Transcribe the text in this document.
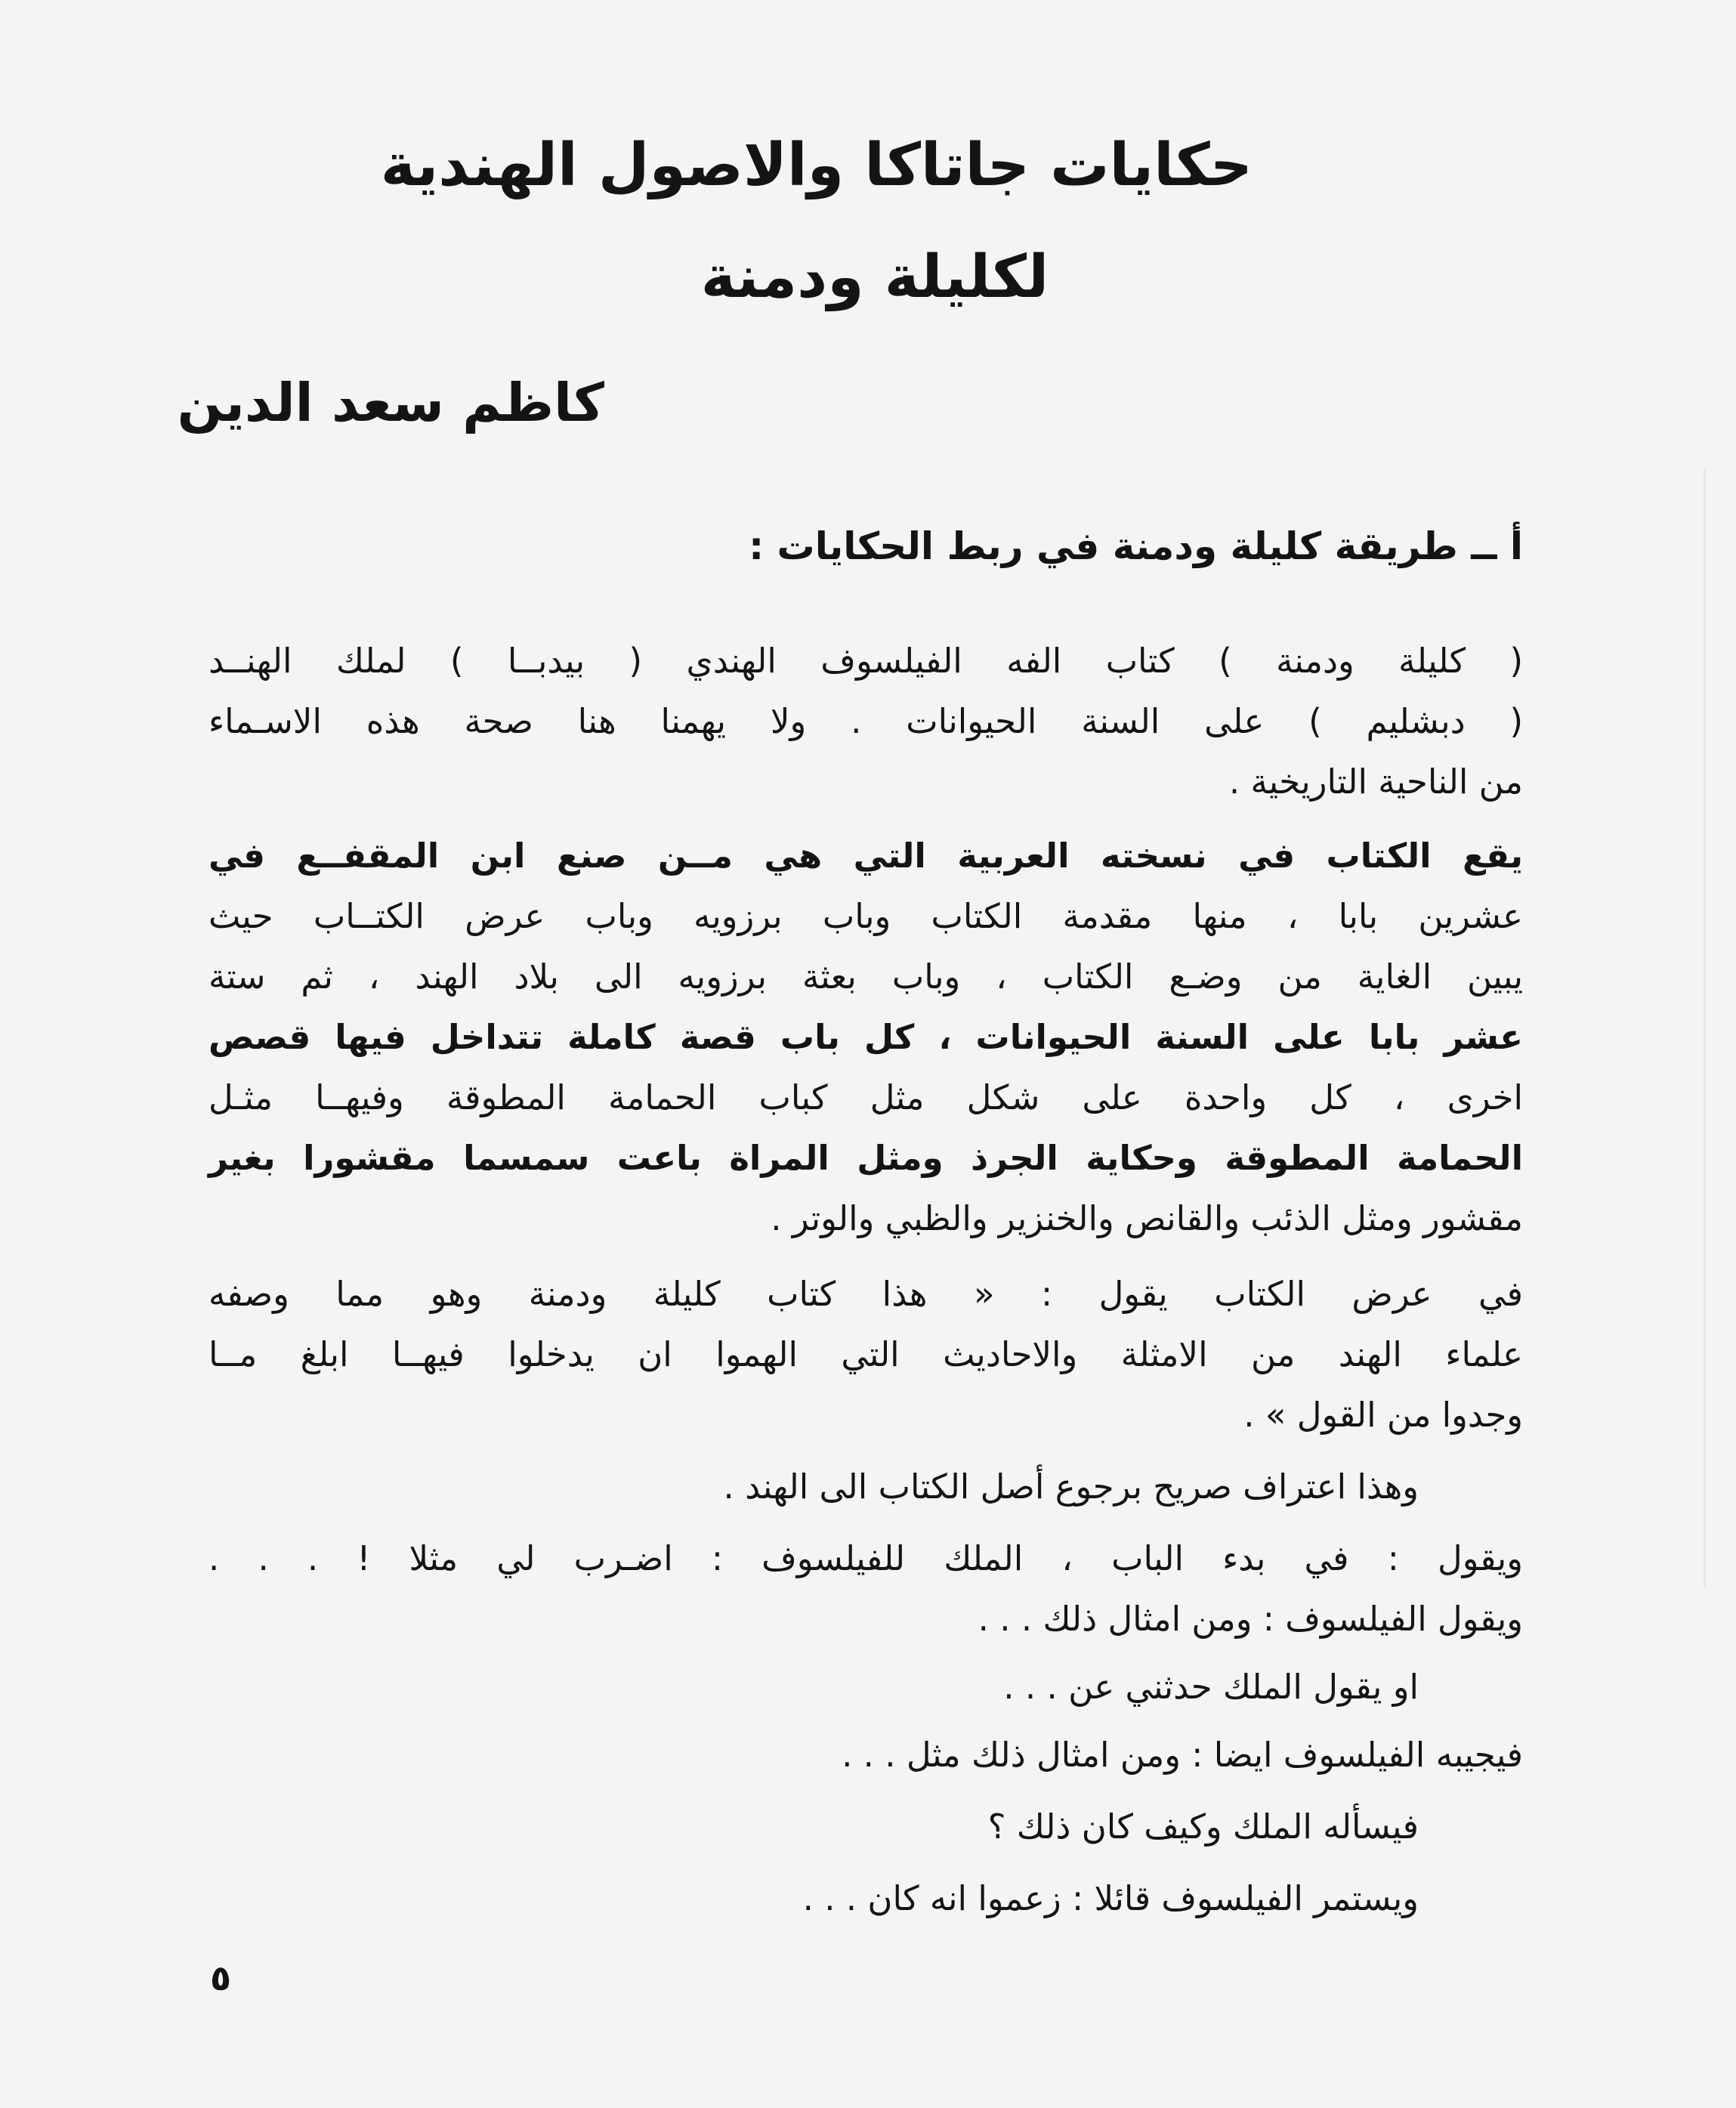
حكايات جاتاكا والاصول الهندية
لكليلة ودمنة
كاظم سعد الدين
أ ــ طريقة كليلة ودمنة في ربط الحكايات :
( كليلة ودمنة ) كتاب الفه الفيلسوف الهندي ( بيدبــا ) لملك الهنــد
( دبشليم ) على السنة الحيوانات . ولا يهمنا هنا صحة هذه الاسـماء
من الناحية التاريخية .
يقع الكتاب في نسخته العربية التي هي مــن صنع ابن المقفــع في
عشرين بابا ، منها مقدمة الكتاب وباب برزويه وباب عرض الكتــاب حيث
يبين الغاية من وضـع الكتاب ، وباب بعثة برزويه الى بلاد الهند ، ثم ستة
عشر بابا على السنة الحيوانات ، كل باب قصة كاملة تتداخل فيها قصص
اخرى ، كل واحدة على شكل مثل كباب الحمامة المطوقة وفيهــا مثـل
الحمامة المطوقة وحكاية الجرذ ومثل المراة باعت سمسما مقشورا بغير
مقشور ومثل الذئب والقانص والخنزير والظبي والوتر .
في عرض الكتاب يقول : « هذا كتاب كليلة ودمنة وهو مما وصفه
علماء الهند من الامثلة والاحاديث التي الهموا ان يدخلوا فيهــا ابلغ مــا
وجدوا من القول » .
وهذا اعتراف صريح برجوع أصل الكتاب الى الهند .
ويقول : في بدء الباب ، الملك للفيلسوف : اضـرب لي مثلا ! . . .
ويقول الفيلسوف : ومن امثال ذلك . . .
او يقول الملك حدثني عن . . .
فيجيبه الفيلسوف ايضا : ومن امثال ذلك مثل . . .
فيسأله الملك وكيف كان ذلك ؟
ويستمر الفيلسوف قائلا : زعموا انه كان . . .
٥
